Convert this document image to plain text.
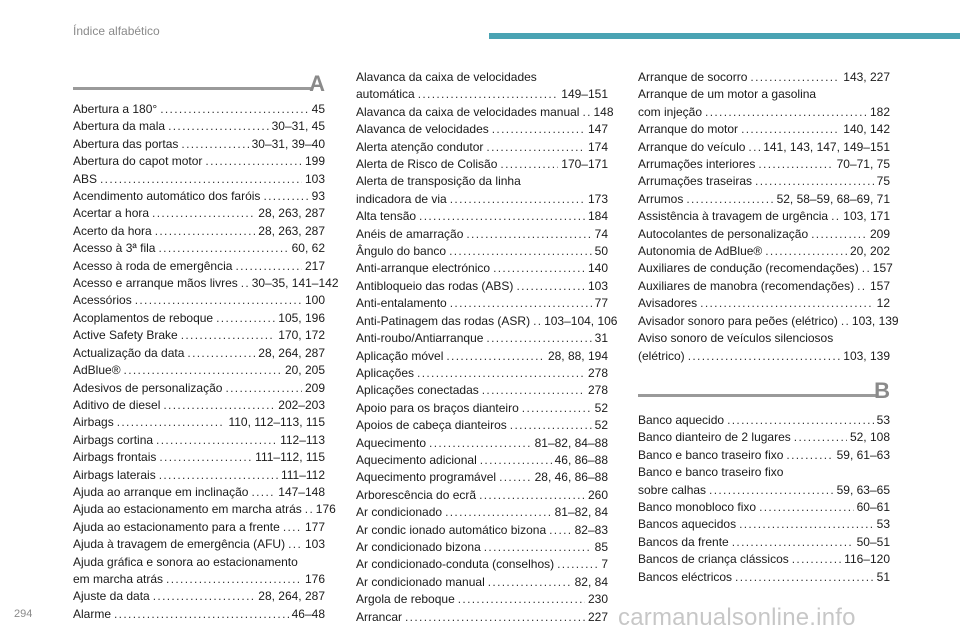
Índice alfabético
A
Abertura a 180° . . .	45
Abertura da mala . . .	30–31, 45
Abertura das portas . . .	30–31, 39–40
Abertura do capot motor . . .	199
ABS . . .	103
Acendimento automático dos faróis . . .	93
Acertar a hora . . .	28, 263, 287
Acerto da hora . . .	28, 263, 287
Acesso à 3ª fila . . .	60, 62
Acesso à roda de emergência . . .	217
Acesso e arranque mãos livres . . . 30–35, 141–142
Acessórios . . .	100
Acoplamentos de reboque . . .	105, 196
Active Safety Brake . . .	170, 172
Actualização da data . . .	28, 264, 287
AdBlue® . . .	20, 205
Adesivos de personalização . . .	209
Aditivo de diesel . . .	202–203
Airbags . . .	110, 112–113, 115
Airbags cortina . . .	112–113
Airbags frontais . . .	111–112, 115
Airbags laterais . . .	111–112
Ajuda ao arranque em inclinação . . . 147–148
Ajuda ao estacionamento em marcha atrás . . . 176
Ajuda ao estacionamento para a frente . . . 177
Ajuda à travagem de emergência (AFU) . . . 103
Ajuda gráfica e sonora ao estacionamento
em marcha atrás . . .	176
Ajuste da data . . .	28, 264, 287
Alarme . . .	46–48
Alavanca da caixa de velocidades
automática . . .	149–151
Alavanca da caixa de velocidades manual . . . 148
Alavanca de velocidades . . .	147
Alerta atenção condutor . . .	174
Alerta de Risco de Colisão . . .	170–171
Alerta de transposição da linha
indicadora de via . . .	173
Alta tensão . . .	184
Anéis de amarração . . .	74
Ângulo do banco . . .	50
Anti-arranque electrónico . . .	140
Antibloqueio das rodas (ABS) . . .	103
Anti-entalamento . . .	77
Anti-Patinagem das rodas (ASR) . . . 103–104, 106
Anti-roubo/Antiarranque . . .	31
Aplicação móvel . . .	28, 88, 194
Aplicações . . .	278
Aplicações conectadas . . .	278
Apoio para os braços dianteiro . . .	52
Apoios de cabeça dianteiros . . .	52
Aquecimento . . .	81–82, 84–88
Aquecimento adicional . . .	46, 86–88
Aquecimento programável . . .	28, 46, 86–88
Arborescência do ecrã . . .	260
Ar condicionado . . .	81–82, 84
Ar condic ionado automático bizona . . . 82–83
Ar condicionado bizona . . .	85
Ar condicionado-conduta (conselhos) . . .	7
Ar condicionado manual . . .	82, 84
Argola de reboque . . .	230
Arrancar . . .	227
Arranque de socorro . . .	143, 227
Arranque de um motor a gasolina
com injeção . . .	182
Arranque do motor . . .	140, 142
Arranque do veículo . . . 141, 143, 147, 149–151
Arrumações interiores . . .	70–71, 75
Arrumações traseiras . . .	75
Arrumos . . .	52, 58–59, 68–69, 71
Assistência à travagem de urgência . . . 103, 171
Autocolantes de personalização . . .	209
Autonomia de AdBlue® . . .	20, 202
Auxiliares de condução (recomendações) . . . 157
Auxiliares de manobra (recomendações) . . . 157
Avisadores . . .	12
Avisador sonoro para peões (elétrico) . . . 103, 139
Aviso sonoro de veículos silenciosos
(elétrico) . . .	103, 139
B
Banco aquecido . . .	53
Banco dianteiro de 2 lugares . . .	52, 108
Banco e banco traseiro fixo . . .	59, 61–63
Banco e banco traseiro fixo
sobre calhas . . .	59, 63–65
Banco monobloco fixo . . .	60–61
Bancos aquecidos . . .	53
Bancos da frente . . .	50–51
Bancos de criança clássicos . . .	116–120
Bancos eléctricos . . .	51
294	carmanualsonline.info
